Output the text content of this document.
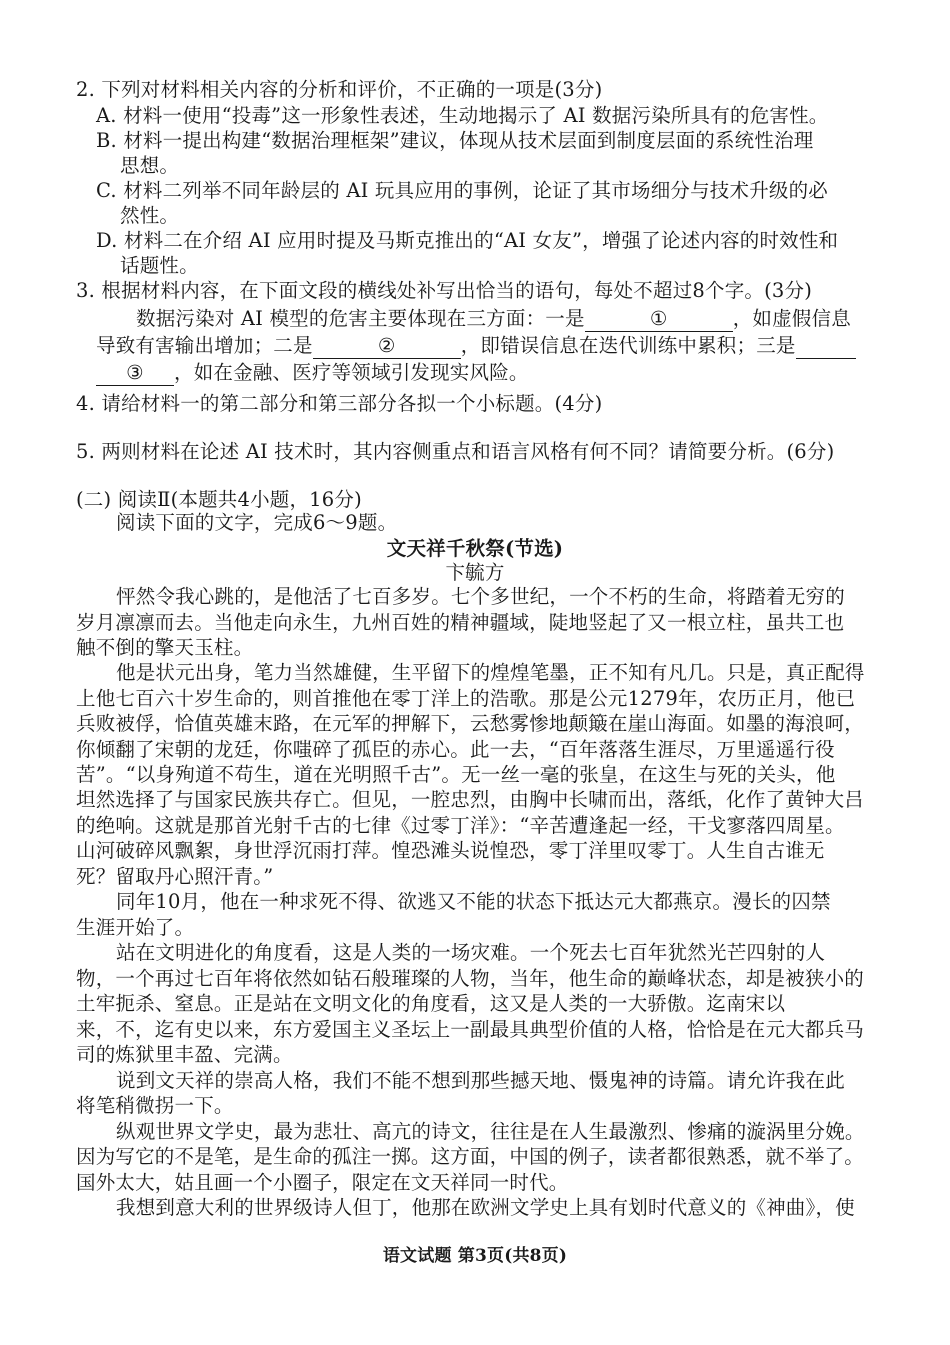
2. 下列对材料相关内容的分析和评价，不正确的一项是(3分)
A. 材料一使用“投毒”这一形象性表述，生动地揭示了 AI 数据污染所具有的危害性。
B. 材料一提出构建“数据治理框架”建议，体现从技术层面到制度层面的系统性治理
思想。
C. 材料二列举不同年龄层的 AI 玩具应用的事例，论证了其市场细分与技术升级的必
然性。
D. 材料二在介绍 AI 应用时提及马斯克推出的“AI 女友”，增强了论述内容的时效性和
话题性。
3. 根据材料内容，在下面文段的横线处补写出恰当的语句，每处不超过8个字。(3分)
数据污染对 AI 模型的危害主要体现在三方面：一是	①	，如虚假信息
导致有害输出增加；二是	②	，即错误信息在迭代训练中累积；三是
③ ，如在金融、医疗等领域引发现实风险。
4. 请给材料一的第二部分和第三部分各拟一个小标题。(4分)
5. 两则材料在论述 AI 技术时，其内容侧重点和语言风格有何不同？请简要分析。(6分)
(二) 阅读Ⅱ(本题共4小题，16分)
阅读下面的文字，完成6～9题。
文天祥千秋祭(节选)
卞毓方
怦然令我心跳的，是他活了七百多岁。七个多世纪，一个不朽的生命，将踏着无穷的
岁月凛凛而去。当他走向永生，九州百姓的精神疆域，陡地竖起了又一根立柱，虽共工也
触不倒的擎天玉柱。
他是状元出身，笔力当然雄健，生平留下的煌煌笔墨，正不知有凡几。只是，真正配得
上他七百六十岁生命的，则首推他在零丁洋上的浩歌。那是公元1279年，农历正月，他已
兵败被俘，恰值英雄末路，在元军的押解下，云愁雾惨地颠簸在崖山海面。如墨的海浪呵，
你倾翻了宋朝的龙廷，你嗤碎了孤臣的赤心。此一去，“百年落落生涯尽，万里遥遥行役
苦”。“以身殉道不苟生，道在光明照千古”。无一丝一毫的张皇，在这生与死的关头，他
坦然选择了与国家民族共存亡。但见，一腔忠烈，由胸中长啸而出，落纸，化作了黄钟大吕
的绝响。这就是那首光射千古的七律《过零丁洋》：“辛苦遭逢起一经，干戈寥落四周星。
山河破碎风飘絮，身世浮沉雨打萍。惶恐滩头说惶恐，零丁洋里叹零丁。人生自古谁无
死？留取丹心照汗青。”
同年10月，他在一种求死不得、欲逃又不能的状态下抵达元大都燕京。漫长的囚禁
生涯开始了。
站在文明进化的角度看，这是人类的一场灾难。一个死去七百年犹然光芒四射的人
物，一个再过七百年将依然如钻石般璀璨的人物，当年，他生命的巅峰状态，却是被狭小的
土牢扼杀、窒息。正是站在文明文化的角度看，这又是人类的一大骄傲。迄南宋以
来，不，迄有史以来，东方爱国主义圣坛上一副最具典型价值的人格，恰恰是在元大都兵马
司的炼狱里丰盈、完满。
说到文天祥的崇高人格，我们不能不想到那些撼天地、慑鬼神的诗篇。请允许我在此
将笔稍微拐一下。
纵观世界文学史，最为悲壮、高亢的诗文，往往是在人生最激烈、惨痛的漩涡里分娩。
因为写它的不是笔，是生命的孤注一掷。这方面，中国的例子，读者都很熟悉，就不举了。
国外太大，姑且画一个小圈子，限定在文天祥同一时代。
我想到意大利的世界级诗人但丁，他那在欧洲文学史上具有划时代意义的《神曲》，使
语文试题 第3页(共8页)
